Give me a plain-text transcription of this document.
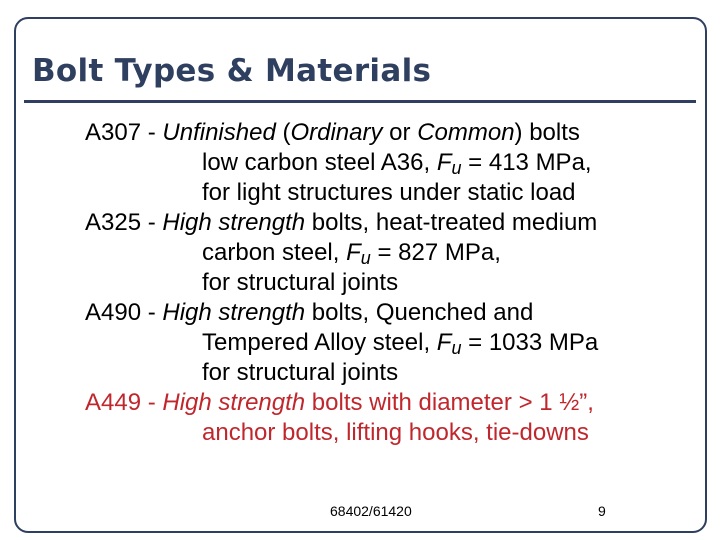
Bolt Types & Materials
A307 - Unfinished (Ordinary or Common) bolts
low carbon steel A36, $F_u = 413$ MPa,
for light structures under static load
A325 - High strength bolts, heat-treated medium
carbon steel, $F_u = 827$ MPa,
for structural joints
A490 - High strength bolts, Quenched and
Tempered Alloy steel, $F_u = 1033$ MPa
for structural joints
A449 - High strength bolts with diameter > 1 ½”,
anchor bolts, lifting hooks, tie-downs
68402/61420	9
